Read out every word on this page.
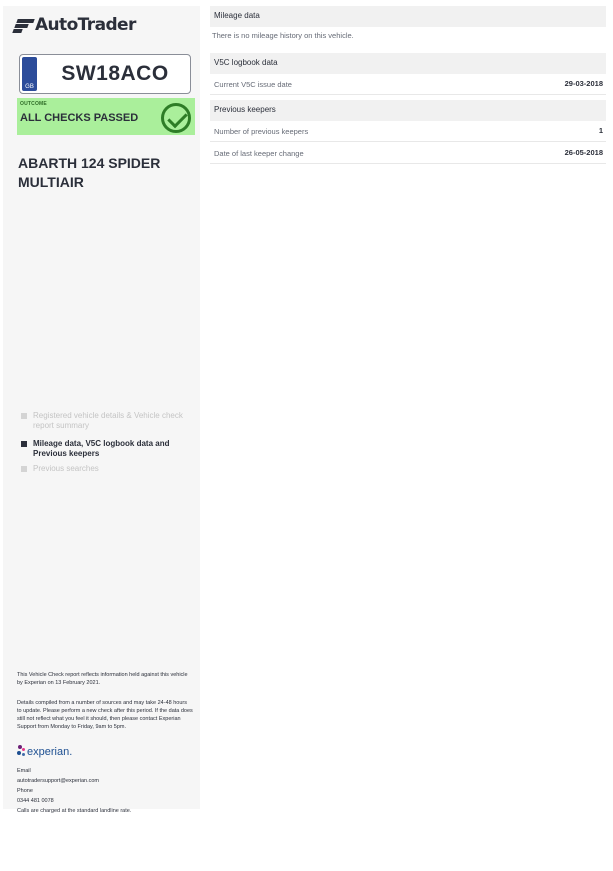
AutoTrader
GB
SW18ACO
OUTCOME
ALL CHECKS PASSED
ABARTH 124 SPIDER MULTIAIR
Registered vehicle details & Vehicle check report summary
Mileage data, V5C logbook data and Previous keepers
Previous searches
This Vehicle Check report reflects information held against this vehicle by Experian on 13 February 2021.
Details compiled from a number of sources and may take 24-48 hours to update. Please perform a new check after this period. If the data does still not reflect what you feel it should, then please contact Experian Support from Monday to Friday, 9am to 5pm.
experian.
Email
autotradersupport@experian.com
Phone
0344 481 0078
Calls are charged at the standard landline rate.
Mileage data
There is no mileage history on this vehicle.
V5C logbook data
Current V5C issue date	29-03-2018
Previous keepers
Number of previous keepers	1
Date of last keeper change	26-05-2018
